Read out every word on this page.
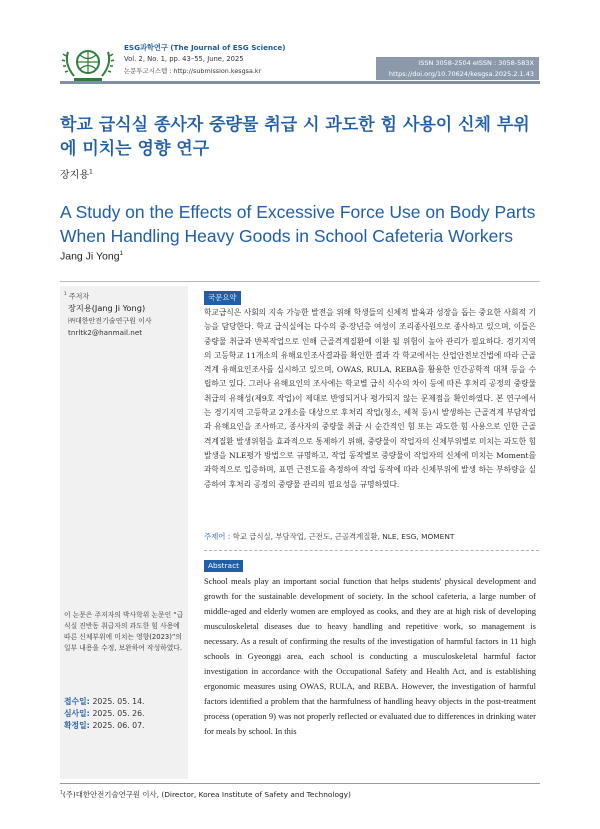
ESG과학연구 (The Journal of ESG Science)
Vol. 2, No. 1, pp. 43–55, June, 2025
논문투고시스템 : http://submission.kesgsa.kr
ISSN 3058-2504 eISSN : 3058-583X
https://doi.org/10.70624/kesgsa.2025.2.1.43
학교 급식실 종사자 중량물 취급 시 과도한 힘 사용이 신체 부위에 미치는 영향 연구
장지용$^1$
A Study on the Effects of Excessive Force Use on Body Parts When Handling Heavy Goods in School Cafeteria Workers
Jang Ji Yong$^1$
$^1$ 주저자
장지용(Jang Ji Yong)
㈜대한안전기술연구원 이사
tnrltk2@hanmail.net
이 논문은 주저자의 박사학위 논문인 “급식실 진반동 취급자의 과도한 힘 사용에 따른 신체부위에 미치는 영향(2023)”의 일부 내용을 수정, 보완하여 작성하였다.
접수일: 2025. 05. 14.
심사일: 2025. 05. 26.
확정일: 2025. 06. 07.
국문요약
학교급식은 사회의 지속 가능한 발전을 위해 학생들의 신체적 발육과 성장을 돕는 중요한 사회적 기능을 담당한다. 학교 급식실에는 다수의 중·장년층 여성이 조리종사원으로 종사하고 있으며, 이들은 중량물 취급과 반복작업으로 인해 근골격계질환에 이환 될 위험이 높아 관리가 필요하다. 경기지역의 고등학교 11개소의 유해요인조사결과를 확인한 결과 각 학교에서는 산업안전보건법에 따라 근골격계 유해요인조사를 실시하고 있으며, OWAS, RULA, REBA를 활용한 인간공학적 대책 등을 수립하고 있다. 그러나 유해요인의 조사에는 학교별 급식 식수의 차이 등에 따른 후처리 공정의 중량물 취급의 유해성(제9호 작업)이 제대로 반영되거나 평가되지 않는 문제점을 확인하였다. 본 연구에서는 경기지역 고등학교 2개소를 대상으로 후처리 작업(청소, 세척 등)시 발생하는 근골격계 부담작업과 유해요인을 조사하고, 종사자의 중량물 취급 시 순간적인 힘 또는 과도한 힘 사용으로 인한 근골격계질환 발생위험을 효과적으로 통제하기 위해, 중량물이 작업자의 신체부위별로 미치는 과도한 힘 발생을 NLE평가 방법으로 규명하고, 작업 동작별로 중량물이 작업자의 신체에 미치는 Moment를 과학적으로 입증하며, 표면 근전도를 측정하여 작업 동작에 따라 신체부위에 발생 하는 부하량을 실증하여 후처리 공정의 중량물 관리의 필요성을 규명하였다.
주제어 : 학교 급식실, 부담작업, 근전도, 근골격계질환, NLE, ESG, MOMENT
Abstract
School meals play an important social function that helps students' physical development and growth for the sustainable development of society. In the school cafeteria, a large number of middle-aged and elderly women are employed as cooks, and they are at high risk of developing musculoskeletal diseases due to heavy handling and repetitive work, so management is necessary. As a result of confirming the results of the investigation of harmful factors in 11 high schools in Gyeonggi area, each school is conducting a musculoskeletal harmful factor investigation in accordance with the Occupational Safety and Health Act, and is establishing ergonomic measures using OWAS, RULA, and REBA. However, the investigation of harmful factors identified a problem that the harmfulness of handling heavy objects in the post-treatment process (operation 9) was not properly reflected or evaluated due to differences in drinking water for meals by school. In this
$^1$(주)대한안전기술연구원 이사, (Director, Korea Institute of Safety and Technology)
